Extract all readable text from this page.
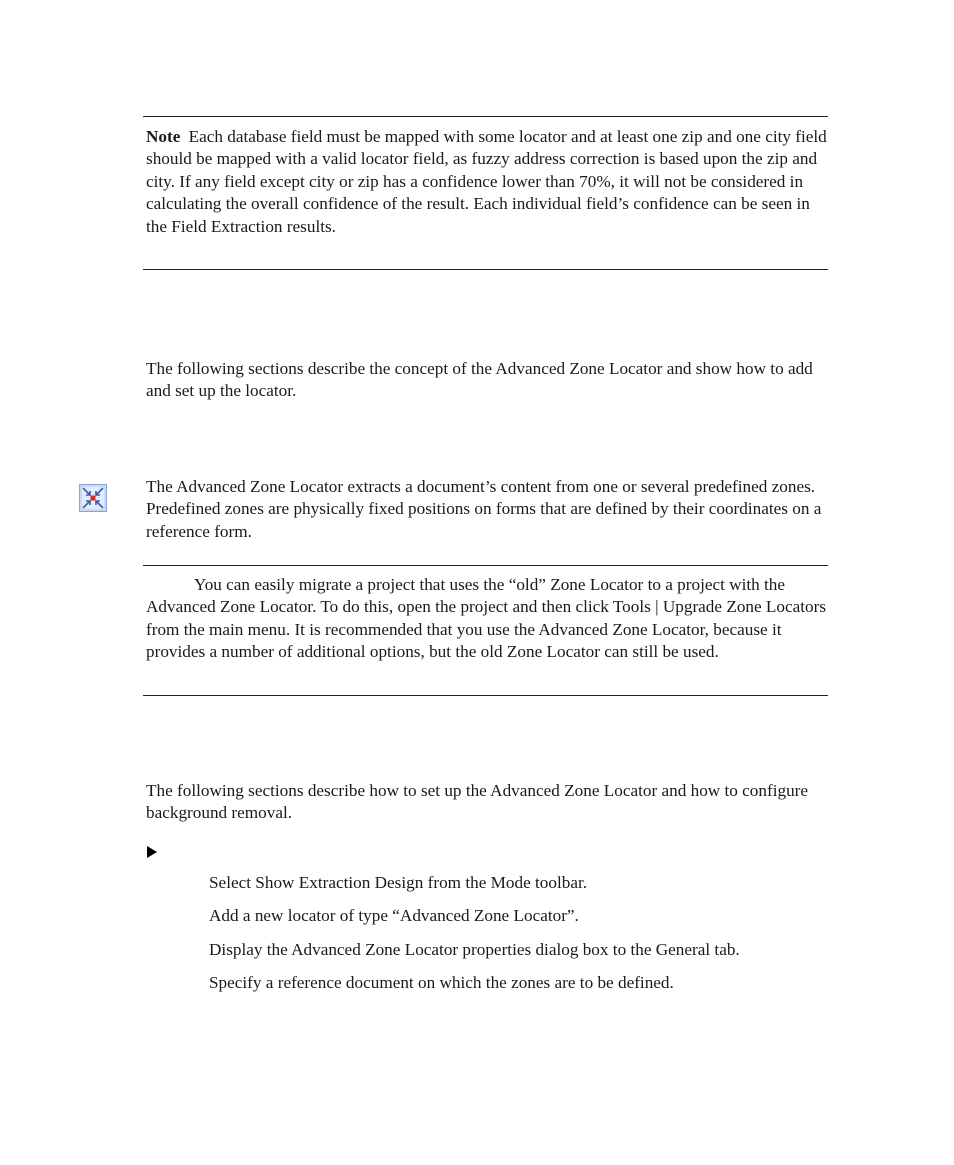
Note Each database field must be mapped with some locator and at least one zip and one city field should be mapped with a valid locator field, as fuzzy address correction is based upon the zip and city. If any field except city or zip has a confidence lower than 70%, it will not be considered in calculating the overall confidence of the result. Each individual field’s confidence can be seen in the Field Extraction results.

The following sections describe the concept of the Advanced Zone Locator and show how to add and set up the locator.

The Advanced Zone Locator extracts a document’s content from one or several predefined zones. Predefined zones are physically fixed positions on forms that are defined by their coordinates on a reference form.

You can easily migrate a project that uses the “old” Zone Locator to a project with the Advanced Zone Locator. To do this, open the project and then click Tools | Upgrade Zone Locators from the main menu. It is recommended that you use the Advanced Zone Locator, because it provides a number of additional options, but the old Zone Locator can still be used.

The following sections describe how to set up the Advanced Zone Locator and how to configure background removal.

Select Show Extraction Design from the Mode toolbar.

Add a new locator of type “Advanced Zone Locator”.

Display the Advanced Zone Locator properties dialog box to the General tab.

Specify a reference document on which the zones are to be defined.
